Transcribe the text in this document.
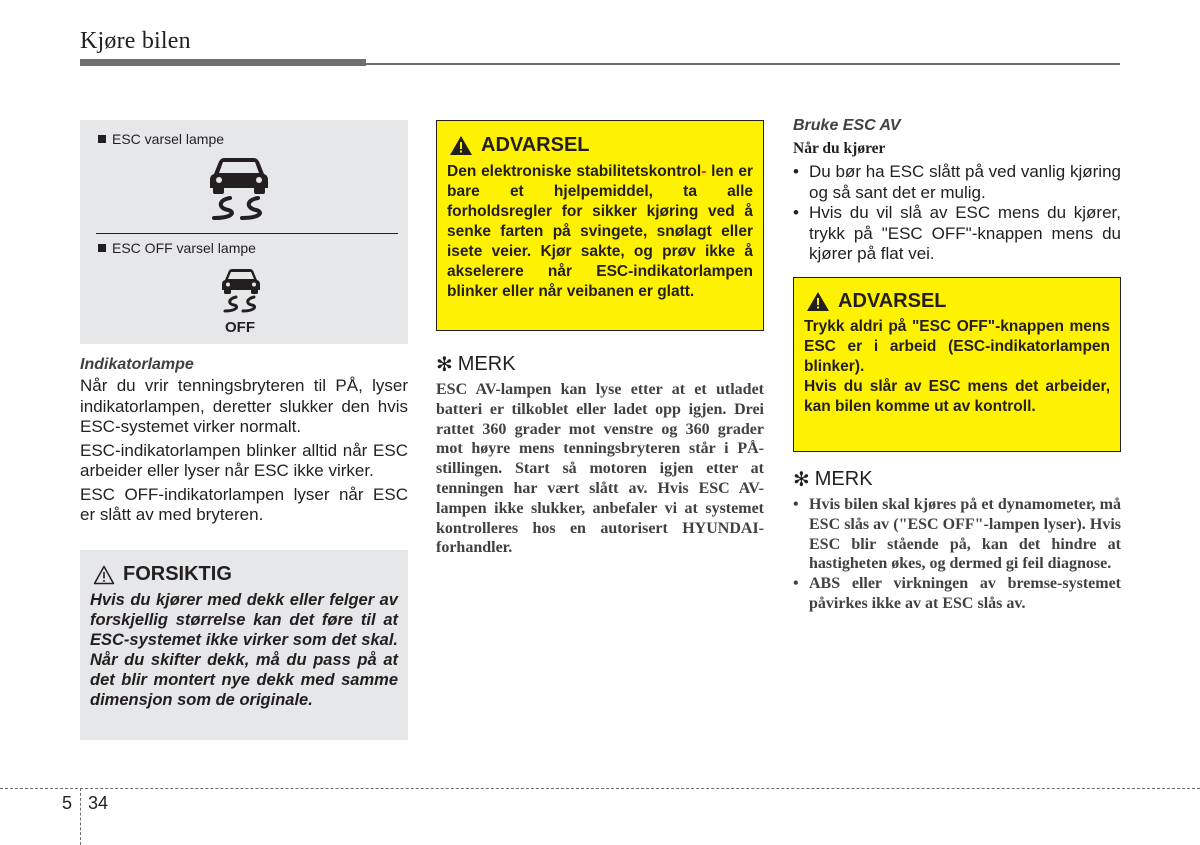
Kjøre bilen
ESC varsel lampe
ESC OFF varsel lampe
OFF
Indikatorlampe

Når du vrir tenningsbryteren til PÅ, lyser indikatorlampen, deretter slukker den hvis ESC-systemet virker normalt.

ESC-indikatorlampen blinker alltid når ESC arbeider eller lyser når ESC ikke virker.

ESC OFF-indikatorlampen lyser når ESC er slått av med bryteren.

FORSIKTIG
Hvis du kjører med dekk eller felger av forskjellig størrelse kan det føre til at ESC-systemet ikke virker som det skal. Når du skifter dekk, må du pass på at det blir montert nye dekk med samme dimensjon som de originale.
ADVARSEL
Den elektroniske stabilitetskontrol- len er bare et hjelpemiddel, ta alle forholdsregler for sikker kjøring ved å senke farten på svingete, snølagt eller isete veier. Kjør sakte, og prøv ikke å akselerere når ESC-indikatorlampen blinker eller når veibanen er glatt.
✻ MERK
ESC AV-lampen kan lyse etter at et utladet batteri er tilkoblet eller ladet opp igjen. Drei rattet 360 grader mot venstre og 360 grader mot høyre mens tenningsbryteren står i PÅ-stillingen. Start så motoren igjen etter at tenningen har vært slått av. Hvis ESC AV-lampen ikke slukker, anbefaler vi at systemet kontrolleres hos en autorisert HYUNDAI-forhandler.
Bruke ESC AV
Når du kjører
• Du bør ha ESC slått på ved vanlig kjøring og så sant det er mulig.
• Hvis du vil slå av ESC mens du kjører, trykk på "ESC OFF"-knappen mens du kjører på flat vei.
ADVARSEL
Trykk aldri på "ESC OFF"-knappen mens ESC er i arbeid (ESC-indikatorlampen blinker).
Hvis du slår av ESC mens det arbeider, kan bilen komme ut av kontroll.
✻ MERK
• Hvis bilen skal kjøres på et dynamometer, må ESC slås av ("ESC OFF"-lampen lyser). Hvis ESC blir stående på, kan det hindre at hastigheten økes, og dermed gi feil diagnose.
• ABS eller virkningen av bremse-systemet påvirkes ikke av at ESC slås av.
5 34
